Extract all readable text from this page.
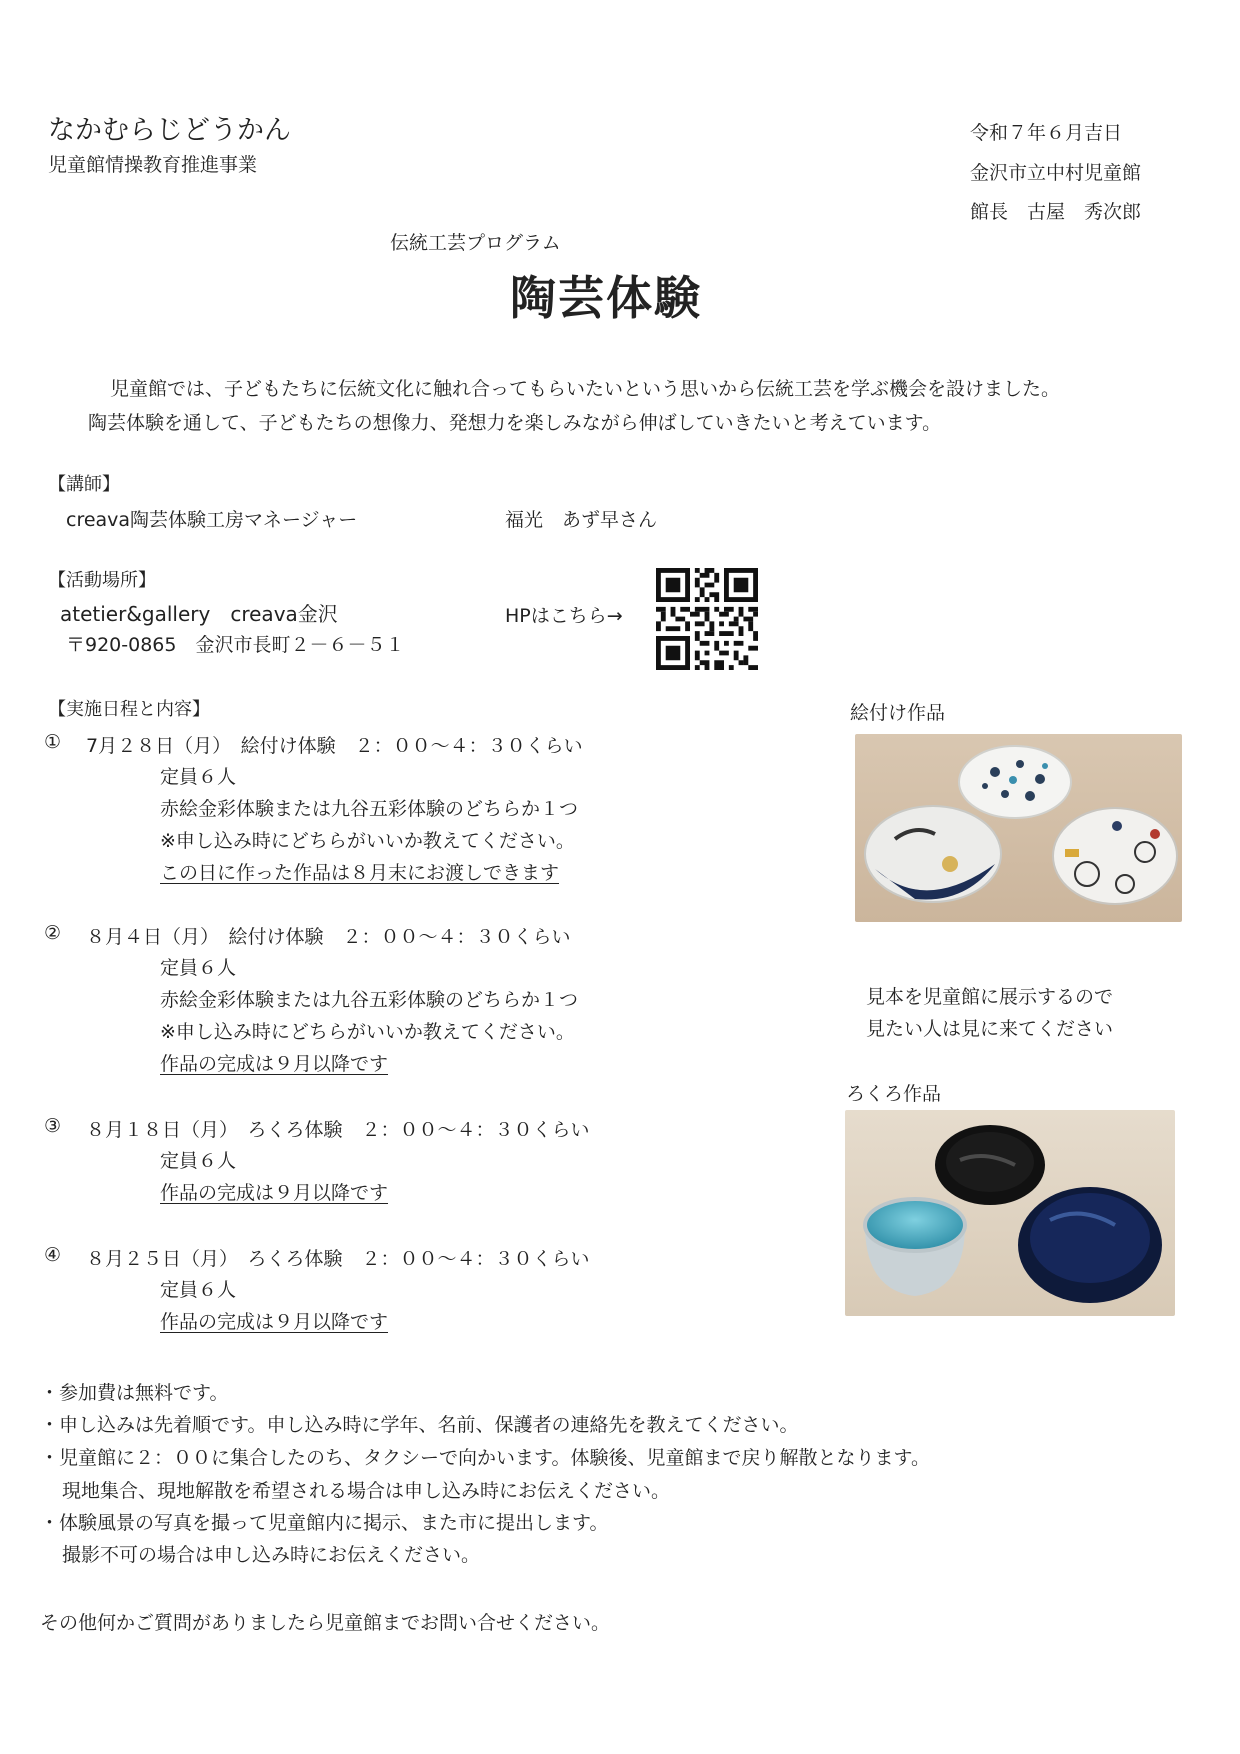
なかむらじどうかん
児童館情操教育推進事業
令和７年６月吉日
金沢市立中村児童館
館長　古屋　秀次郎
伝統工芸プログラム
陶芸体験
児童館では、子どもたちに伝統文化に触れ合ってもらいたいという思いから伝統工芸を学ぶ機会を設けました。
陶芸体験を通して、子どもたちの想像力、発想力を楽しみながら伸ばしていきたいと考えています。
【講師】
creava陶芸体験工房マネージャー	福光　あず早さん
【活動場所】
atetier&gallery　creava金沢
〒920-0865　金沢市長町２－６－５１
HPはこちら→
【実施日程と内容】
① 7月２８日（月）　絵付け体験　２：００～４：３０くらい
定員６人
赤絵金彩体験または九谷五彩体験のどちらか１つ
※申し込み時にどちらがいいか教えてください。
この日に作った作品は８月末にお渡しできます
② ８月４日（月）　絵付け体験　２：００～４：３０くらい
定員６人
赤絵金彩体験または九谷五彩体験のどちらか１つ
※申し込み時にどちらがいいか教えてください。
作品の完成は９月以降です
③ ８月１８日（月）　ろくろ体験　２：００～４：３０くらい
定員６人
作品の完成は９月以降です
④ ８月２５日（月）　ろくろ体験　２：００～４：３０くらい
定員６人
作品の完成は９月以降です
絵付け作品
見本を児童館に展示するので
見たい人は見に来てください
ろくろ作品
・参加費は無料です。
・申し込みは先着順です。申し込み時に学年、名前、保護者の連絡先を教えてください。
・児童館に２：００に集合したのち、タクシーで向かいます。体験後、児童館まで戻り解散となります。
現地集合、現地解散を希望される場合は申し込み時にお伝えください。
・体験風景の写真を撮って児童館内に掲示、また市に提出します。
撮影不可の場合は申し込み時にお伝えください。
その他何かご質問がありましたら児童館までお問い合せください。
